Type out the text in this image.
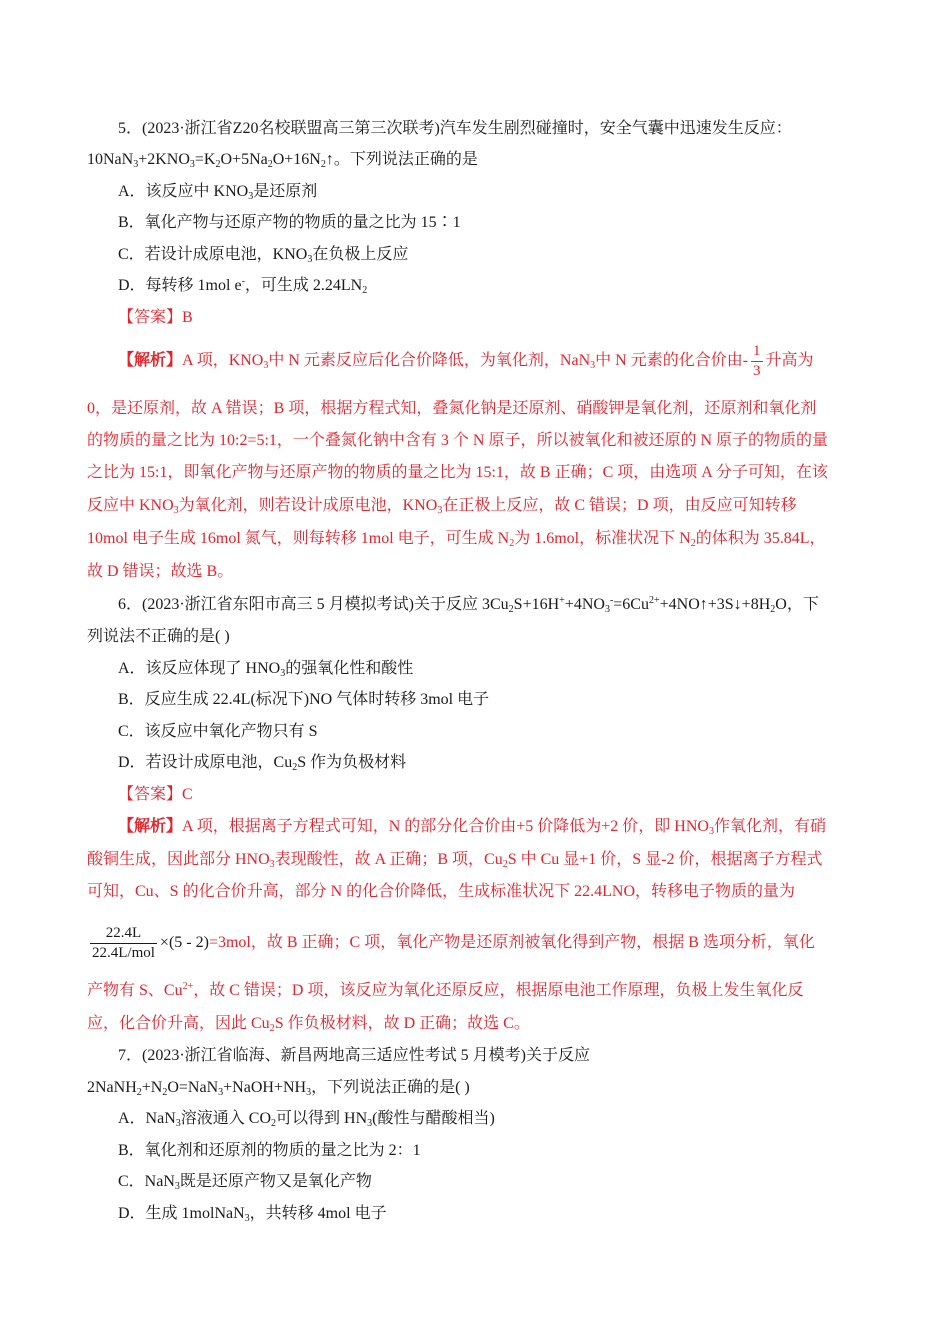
5．(2023·浙江省Z20名校联盟高三第三次联考)汽车发生剧烈碰撞时，安全气囊中迅速发生反应：
$10NaN_3+2KNO_3=K_2O+5Na_2O+16N_2↑$。下列说法正确的是
A．该反应中 $KNO_3$是还原剂
B．氧化产物与还原产物的物质的量之比为 15∶1
C．若设计成原电池，$KNO_3$在负极上反应
D．每转移 1mol e-，可生成 $2.24LN_2$
【答案】B
【解析】A 项，$KNO_3$中 N 元素反应后化合价降低，为氧化剂，NaN$_3$中 N 元素的化合价由- $\frac{1}{3}$ 升高为
0，是还原剂，故 A 错误；B 项，根据方程式知，叠氮化钠是还原剂、硝酸钾是氧化剂，还原剂和氧化剂
的物质的量之比为 10:2=5:1，一个叠氮化钠中含有 3 个 N 原子，所以被氧化和被还原的 N 原子的物质的量
之比为 15:1，即氧化产物与还原产物的物质的量之比为 15:1，故 B 正确；C 项，由选项 A 分子可知，在该
反应中 $KNO_3$为氧化剂，则若设计成原电池，$KNO_3$在正极上反应，故 C 错误；D 项，由反应可知转移
10mol 电子生成 16mol 氮气，则每转移 1mol 电子，可生成 $N_2$为 1.6mol，标准状况下 $N_2$的体积为 35.84L，
故 D 错误；故选 B。
6．(2023·浙江省东阳市高三 5 月模拟考试)关于反应 $3Cu_2S+16H^++4NO_3^-=6Cu^{2+}+4NO↑+3S↓+8H_2O$，下
列说法不正确的是( )
A．该反应体现了 $HNO_3$的强氧化性和酸性
B．反应生成 22.4L(标况下)NO 气体时转移 3mol 电子
C．该反应中氧化产物只有 S
D．若设计成原电池，$Cu_2S$ 作为负极材料
【答案】C
【解析】A 项，根据离子方程式可知，N 的部分化合价由+5 价降低为+2 价，即 $HNO_3$作氧化剂，有硝
酸铜生成，因此部分 $HNO_3$表现酸性，故 A 正确；B 项，$Cu_2S$ 中 Cu 显+1 价，S 显-2 价，根据离子方程式
可知，Cu、S 的化合价升高，部分 N 的化合价降低，生成标准状况下 22.4LNO，转移电子物质的量为
$\frac{22.4L}{\text{22.4L/mol}} \times(5 - 2)=3mol$，故 B 正确；C 项，氧化产物是还原剂被氧化得到产物，根据 B 选项分析，氧化
产物有 S、$Cu^{2+}$，故 C 错误；D 项，该反应为氧化还原反应，根据原电池工作原理，负极上发生氧化反
应，化合价升高，因此 $Cu_2S$ 作负极材料，故 D 正确；故选 C。
7．(2023·浙江省临海、新昌两地高三适应性考试 5 月模考)关于反应
$2NaNH_2+N_2O=NaN_3+NaOH+NH_3$，下列说法正确的是( )
A．NaN$_3$溶液通入 $CO_2$可以得到 $HN_3$(酸性与醋酸相当)
B．氧化剂和还原剂的物质的量之比为 2：1
C．NaN$_3$既是还原产物又是氧化产物
D．生成 1molNaN$_3$，共转移 4mol 电子
